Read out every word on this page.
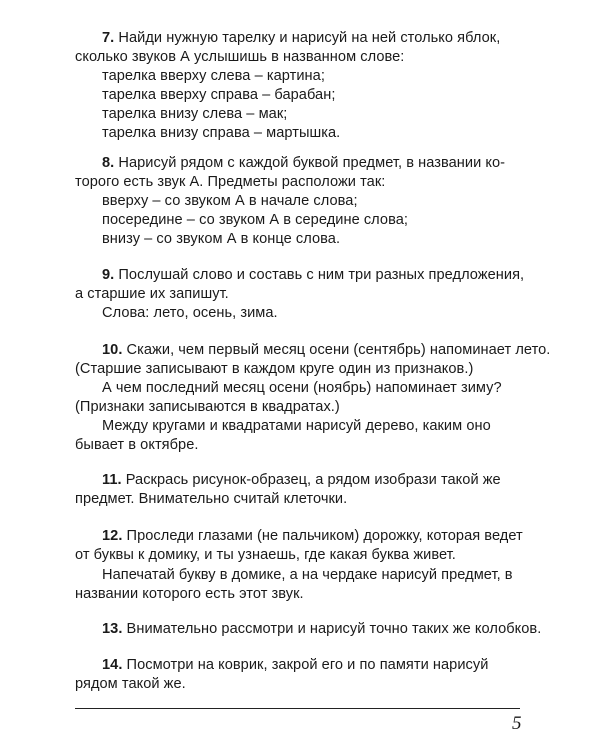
7. Найди нужную тарелку и нарисуй на ней столько яблок,
сколько звуков А услышишь в названном слове:
тарелка вверху слева – картина;
тарелка вверху справа – барабан;
тарелка внизу слева – мак;
тарелка внизу справа – мартышка.
8. Нарисуй рядом с каждой буквой предмет, в названии ко-
торого есть звук А. Предметы расположи так:
вверху – со звуком А в начале слова;
посередине – со звуком А в середине слова;
внизу – со звуком А в конце слова.
9. Послушай слово и составь с ним три разных предложения,
а старшие их запишут.
Слова: лето, осень, зима.
10. Скажи, чем первый месяц осени (сентябрь) напоминает лето.
(Старшие записывают в каждом круге один из признаков.)
А чем последний месяц осени (ноябрь) напоминает зиму?
(Признаки записываются в квадратах.)
Между кругами и квадратами нарисуй дерево, каким оно
бывает в октябре.
11. Раскрась рисунок-образец, а рядом изобрази такой же
предмет. Внимательно считай клеточки.
12. Проследи глазами (не пальчиком) дорожку, которая ведет
от буквы к домику, и ты узнаешь, где какая буква живет.
Напечатай букву в домике, а на чердаке нарисуй предмет, в
названии которого есть этот звук.
13. Внимательно рассмотри и нарисуй точно таких же колобков.
14. Посмотри на коврик, закрой его и по памяти нарисуй
рядом такой же.
5
